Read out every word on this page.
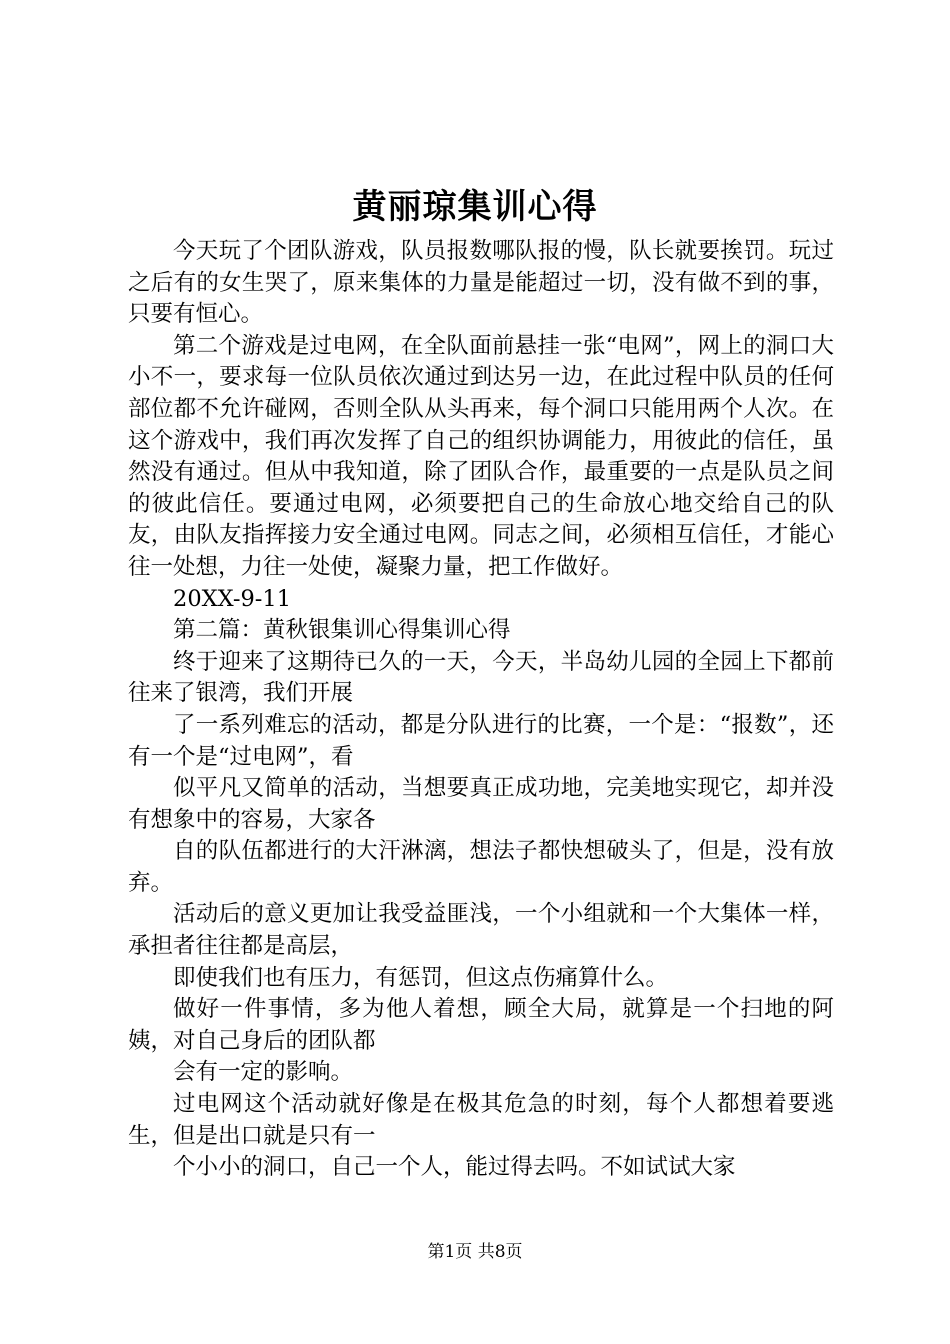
黄丽琼集训心得

今天玩了个团队游戏，队员报数哪队报的慢，队长就要挨罚。玩过之后有的女生哭了，原来集体的力量是能超过一切，没有做不到的事，只要有恒心。

第二个游戏是过电网，在全队面前悬挂一张“电网”，网上的洞口大小不一，要求每一位队员依次通过到达另一边，在此过程中队员的任何部位都不允许碰网，否则全队从头再来，每个洞口只能用两个人次。在这个游戏中，我们再次发挥了自己的组织协调能力，用彼此的信任，虽然没有通过。但从中我知道，除了团队合作，最重要的一点是队员之间的彼此信任。要通过电网，必须要把自己的生命放心地交给自己的队友，由队友指挥接力安全通过电网。同志之间，必须相互信任，才能心往一处想，力往一处使，凝聚力量，把工作做好。

20XX-9-11

第二篇：黄秋银集训心得集训心得

终于迎来了这期待已久的一天，今天，半岛幼儿园的全园上下都前往来了银湾，我们开展

了一系列难忘的活动，都是分队进行的比赛，一个是：“报数”，还有一个是“过电网”，看

似平凡又简单的活动，当想要真正成功地，完美地实现它，却并没有想象中的容易，大家各

自的队伍都进行的大汗淋漓，想法子都快想破头了，但是，没有放弃。

活动后的意义更加让我受益匪浅，一个小组就和一个大集体一样，承担者往往都是高层，

即使我们也有压力，有惩罚，但这点伤痛算什么。

做好一件事情，多为他人着想，顾全大局，就算是一个扫地的阿姨，对自己身后的团队都

会有一定的影响。

过电网这个活动就好像是在极其危急的时刻，每个人都想着要逃生，但是出口就是只有一

个小小的洞口，自己一个人，能过得去吗。不如试试大家

第1页 共8页
